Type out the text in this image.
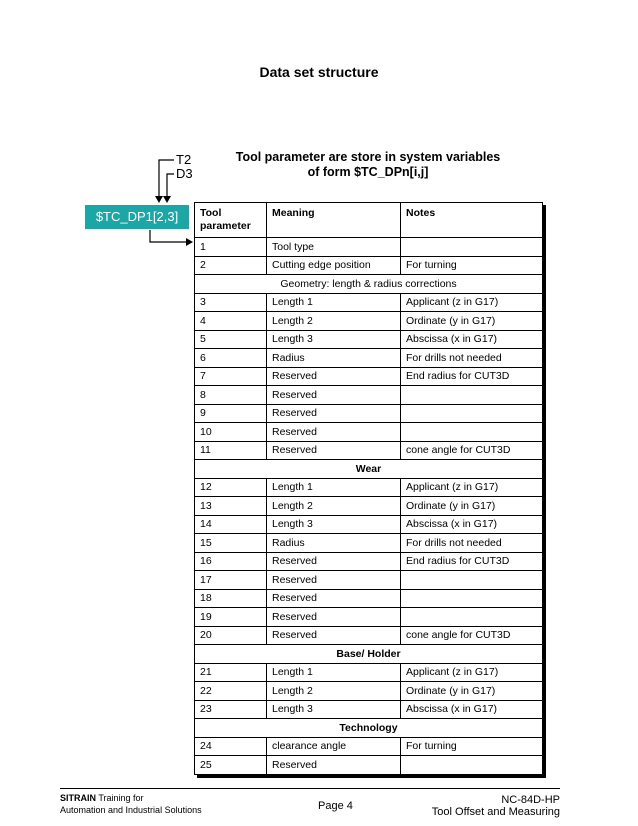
Data set structure
Tool parameter are store in system variables
of form $TC_DPn[i,j]
T2
D3
$TC_DP1[2,3]	Tool parameter	Meaning	Notes
1	Tool type	
2	Cutting edge position	For turning
Geometry: length & radius corrections		
3	Length 1	Applicant (z in G17)
4	Length 2	Ordinate (y in G17)
5	Length 3	Abscissa (x in G17)
6	Radius	For drills not needed
7	Reserved	End radius for CUT3D
8	Reserved	
9	Reserved	
10	Reserved	
11	Reserved	cone angle for CUT3D
Wear		
12	Length 1	Applicant (z in G17)
13	Length 2	Ordinate (y in G17)
14	Length 3	Abscissa (x in G17)
15	Radius	For drills not needed
16	Reserved	End radius for CUT3D
17	Reserved	
18	Reserved	
19	Reserved	
20	Reserved	cone angle for CUT3D
Base/ Holder		
21	Length 1	Applicant (z in G17)
22	Length 2	Ordinate (y in G17)
23	Length 3	Abscissa (x in G17)
Technology		
24	clearance angle	For turning
25	Reserved	
SITRAIN Training for
Automation and Industrial Solutions	Page 4	NC-84D-HP
Tool Offset and Measuring
